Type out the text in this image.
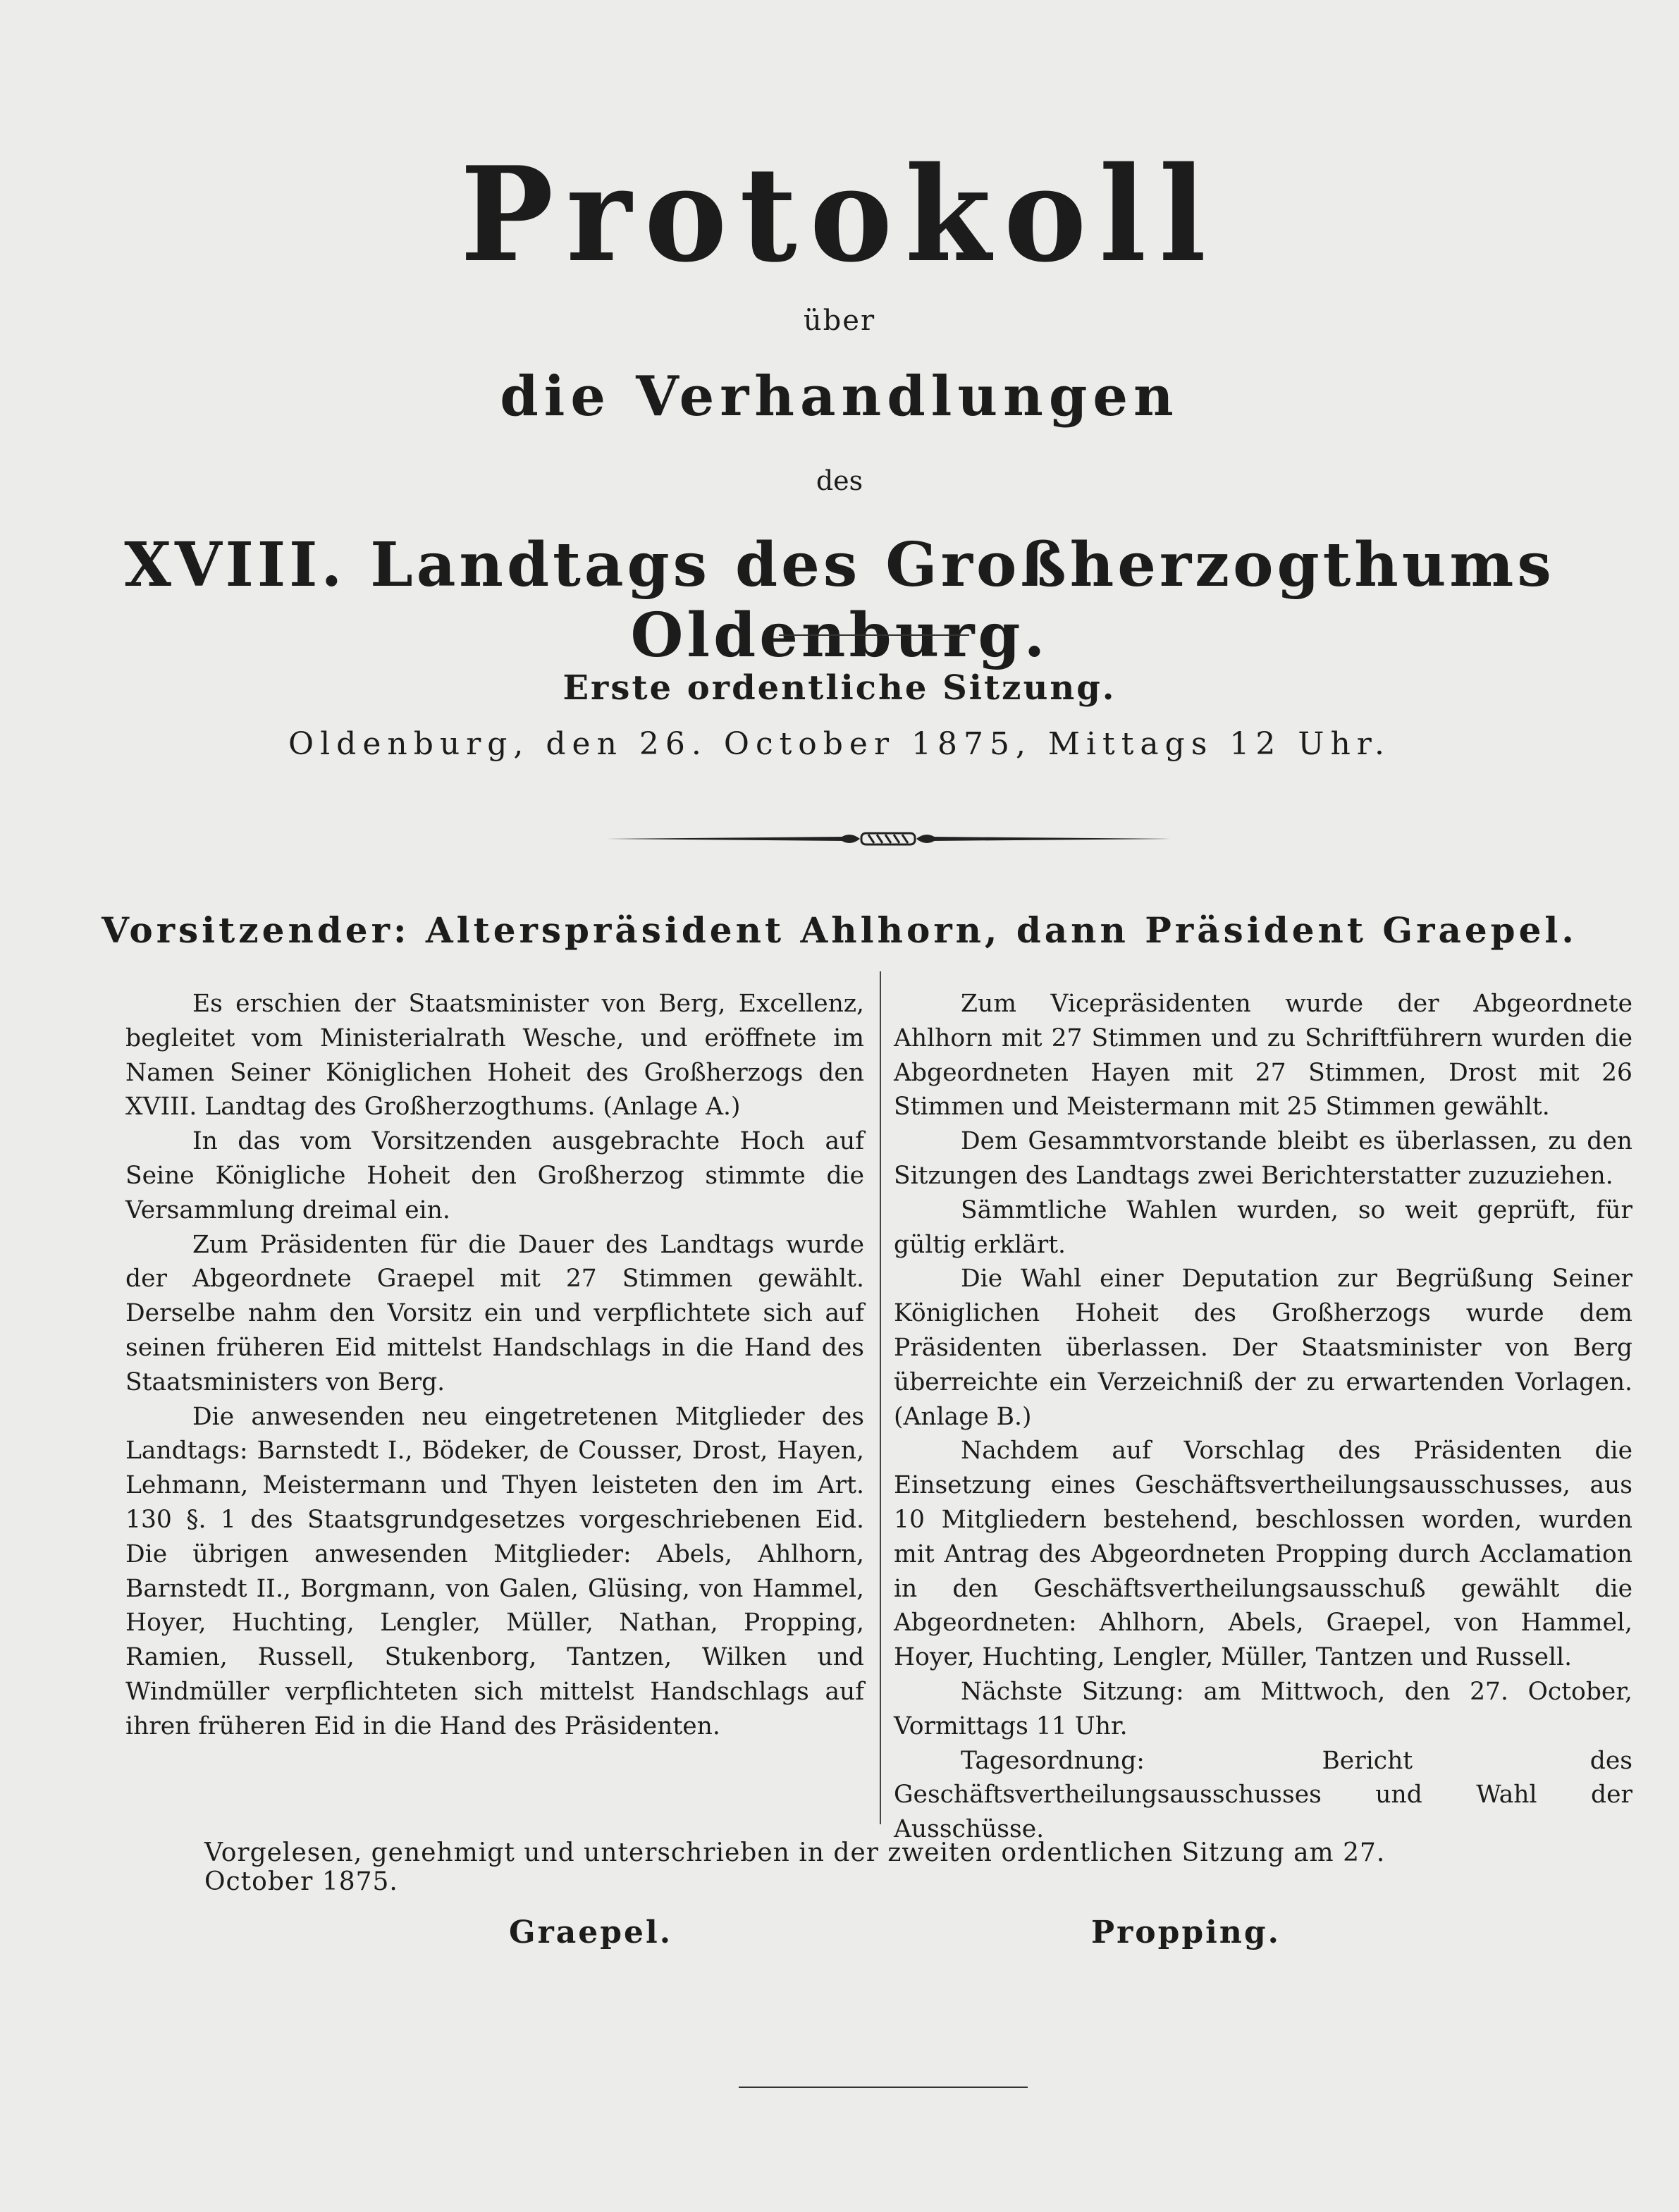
Protokoll
über
die Verhandlungen
des
XVIII. Landtags des Großherzogthums Oldenburg.
Erste ordentliche Sitzung.
Oldenburg, den 26. October 1875, Mittags 12 Uhr.
Vorsitzender: Alterspräsident Ahlhorn, dann Präsident Graepel.

Es erschien der Staatsminister von Berg, Excellenz, begleitet vom Ministerialrath Wesche, und eröffnete im Namen Seiner Königlichen Hoheit des Großherzogs den XVIII. Landtag des Großherzogthums. (Anlage A.)

In das vom Vorsitzenden ausgebrachte Hoch auf Seine Königliche Hoheit den Großherzog stimmte die Versammlung dreimal ein.

Zum Präsidenten für die Dauer des Landtags wurde der Abgeordnete Graepel mit 27 Stimmen gewählt. Derselbe nahm den Vorsitz ein und verpflichtete sich auf seinen früheren Eid mittelst Handschlags in die Hand des Staatsministers von Berg.

Die anwesenden neu eingetretenen Mitglieder des Landtags: Barnstedt I., Bödeker, de Cousser, Drost, Hayen, Lehmann, Meistermann und Thyen leisteten den im Art. 130 §. 1 des Staatsgrundgesetzes vorgeschriebenen Eid. Die übrigen anwesenden Mitglieder: Abels, Ahlhorn, Barnstedt II., Borgmann, von Galen, Glüsing, von Hammel, Hoyer, Huchting, Lengler, Müller, Nathan, Propping, Ramien, Russell, Stukenborg, Tantzen, Wilken und Windmüller verpflichteten sich mittelst Handschlags auf ihren früheren Eid in die Hand des Präsidenten.

Zum Vicepräsidenten wurde der Abgeordnete Ahlhorn mit 27 Stimmen und zu Schriftführern wurden die Abgeordneten Hayen mit 27 Stimmen, Drost mit 26 Stimmen und Meistermann mit 25 Stimmen gewählt.

Dem Gesammtvorstande bleibt es überlassen, zu den Sitzungen des Landtags zwei Berichterstatter zuzuziehen.

Sämmtliche Wahlen wurden, so weit geprüft, für gültig erklärt.

Die Wahl einer Deputation zur Begrüßung Seiner Königlichen Hoheit des Großherzogs wurde dem Präsidenten überlassen. Der Staatsminister von Berg überreichte ein Verzeichniß der zu erwartenden Vorlagen. (Anlage B.)

Nachdem auf Vorschlag des Präsidenten die Einsetzung eines Geschäftsvertheilungsausschusses, aus 10 Mitgliedern bestehend, beschlossen worden, wurden mit Antrag des Abgeordneten Propping durch Acclamation in den Geschäftsvertheilungsausschuß gewählt die Abgeordneten: Ahlhorn, Abels, Graepel, von Hammel, Hoyer, Huchting, Lengler, Müller, Tantzen und Russell.

Nächste Sitzung: am Mittwoch, den 27. October, Vormittags 11 Uhr.

Tagesordnung: Bericht des Geschäftsvertheilungsausschusses und Wahl der Ausschüsse.

Vorgelesen, genehmigt und unterschrieben in der zweiten ordentlichen Sitzung am 27. October 1875.
Graepel.	Propping.
